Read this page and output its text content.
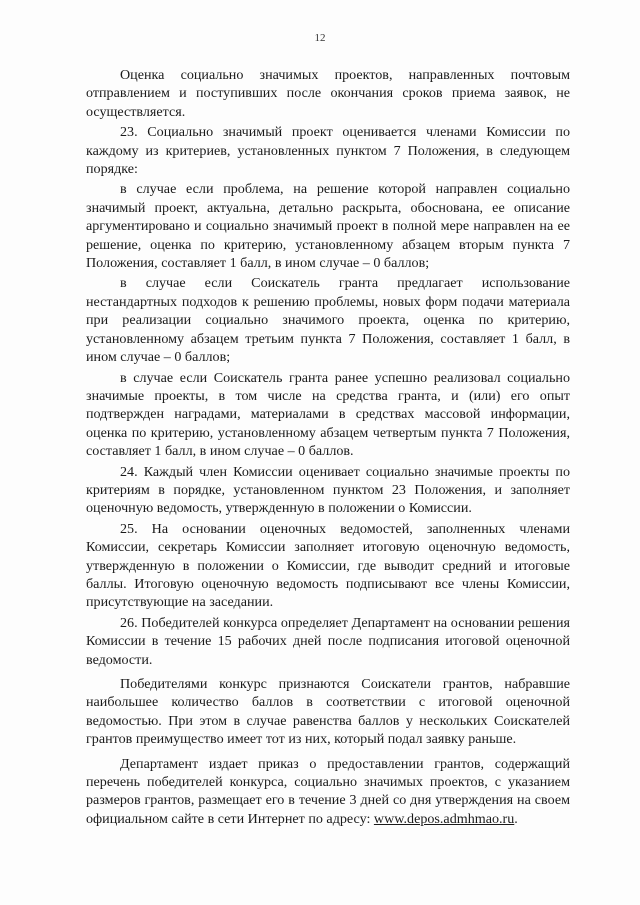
12

Оценка социально значимых проектов, направленных почтовым отправлением и поступивших после окончания сроков приема заявок, не осуществляется.

23. Социально значимый проект оценивается членами Комиссии по каждому из критериев, установленных пунктом 7 Положения, в следующем порядке:

в случае если проблема, на решение которой направлен социально значимый проект, актуальна, детально раскрыта, обоснована, ее описание аргументировано и социально значимый проект в полной мере направлен на ее решение, оценка по критерию, установленному абзацем вторым пункта 7 Положения, составляет 1 балл, в ином случае – 0 баллов;

в случае если Соискатель гранта предлагает использование нестандартных подходов к решению проблемы, новых форм подачи материала при реализации социально значимого проекта, оценка по критерию, установленному абзацем третьим пункта 7 Положения, составляет 1 балл, в ином случае – 0 баллов;

в случае если Соискатель гранта ранее успешно реализовал социально значимые проекты, в том числе на средства гранта, и (или) его опыт подтвержден наградами, материалами в средствах массовой информации, оценка по критерию, установленному абзацем четвертым пункта 7 Положения, составляет 1 балл, в ином случае – 0 баллов.

24. Каждый член Комиссии оценивает социально значимые проекты по критериям в порядке, установленном пунктом 23 Положения, и заполняет оценочную ведомость, утвержденную в положении о Комиссии.

25. На основании оценочных ведомостей, заполненных членами Комиссии, секретарь Комиссии заполняет итоговую оценочную ведомость, утвержденную в положении о Комиссии, где выводит средний и итоговые баллы. Итоговую оценочную ведомость подписывают все члены Комиссии, присутствующие на заседании.

26. Победителей конкурса определяет Департамент на основании решения Комиссии в течение 15 рабочих дней после подписания итоговой оценочной ведомости.

Победителями конкурс признаются Соискатели грантов, набравшие наибольшее количество баллов в соответствии с итоговой оценочной ведомостью. При этом в случае равенства баллов у нескольких Соискателей грантов преимущество имеет тот из них, который подал заявку раньше.

Департамент издает приказ о предоставлении грантов, содержащий перечень победителей конкурса, социально значимых проектов, с указанием размеров грантов, размещает его в течение 3 дней со дня утверждения на своем официальном сайте в сети Интернет по адресу: www.depos.admhmao.ru.
